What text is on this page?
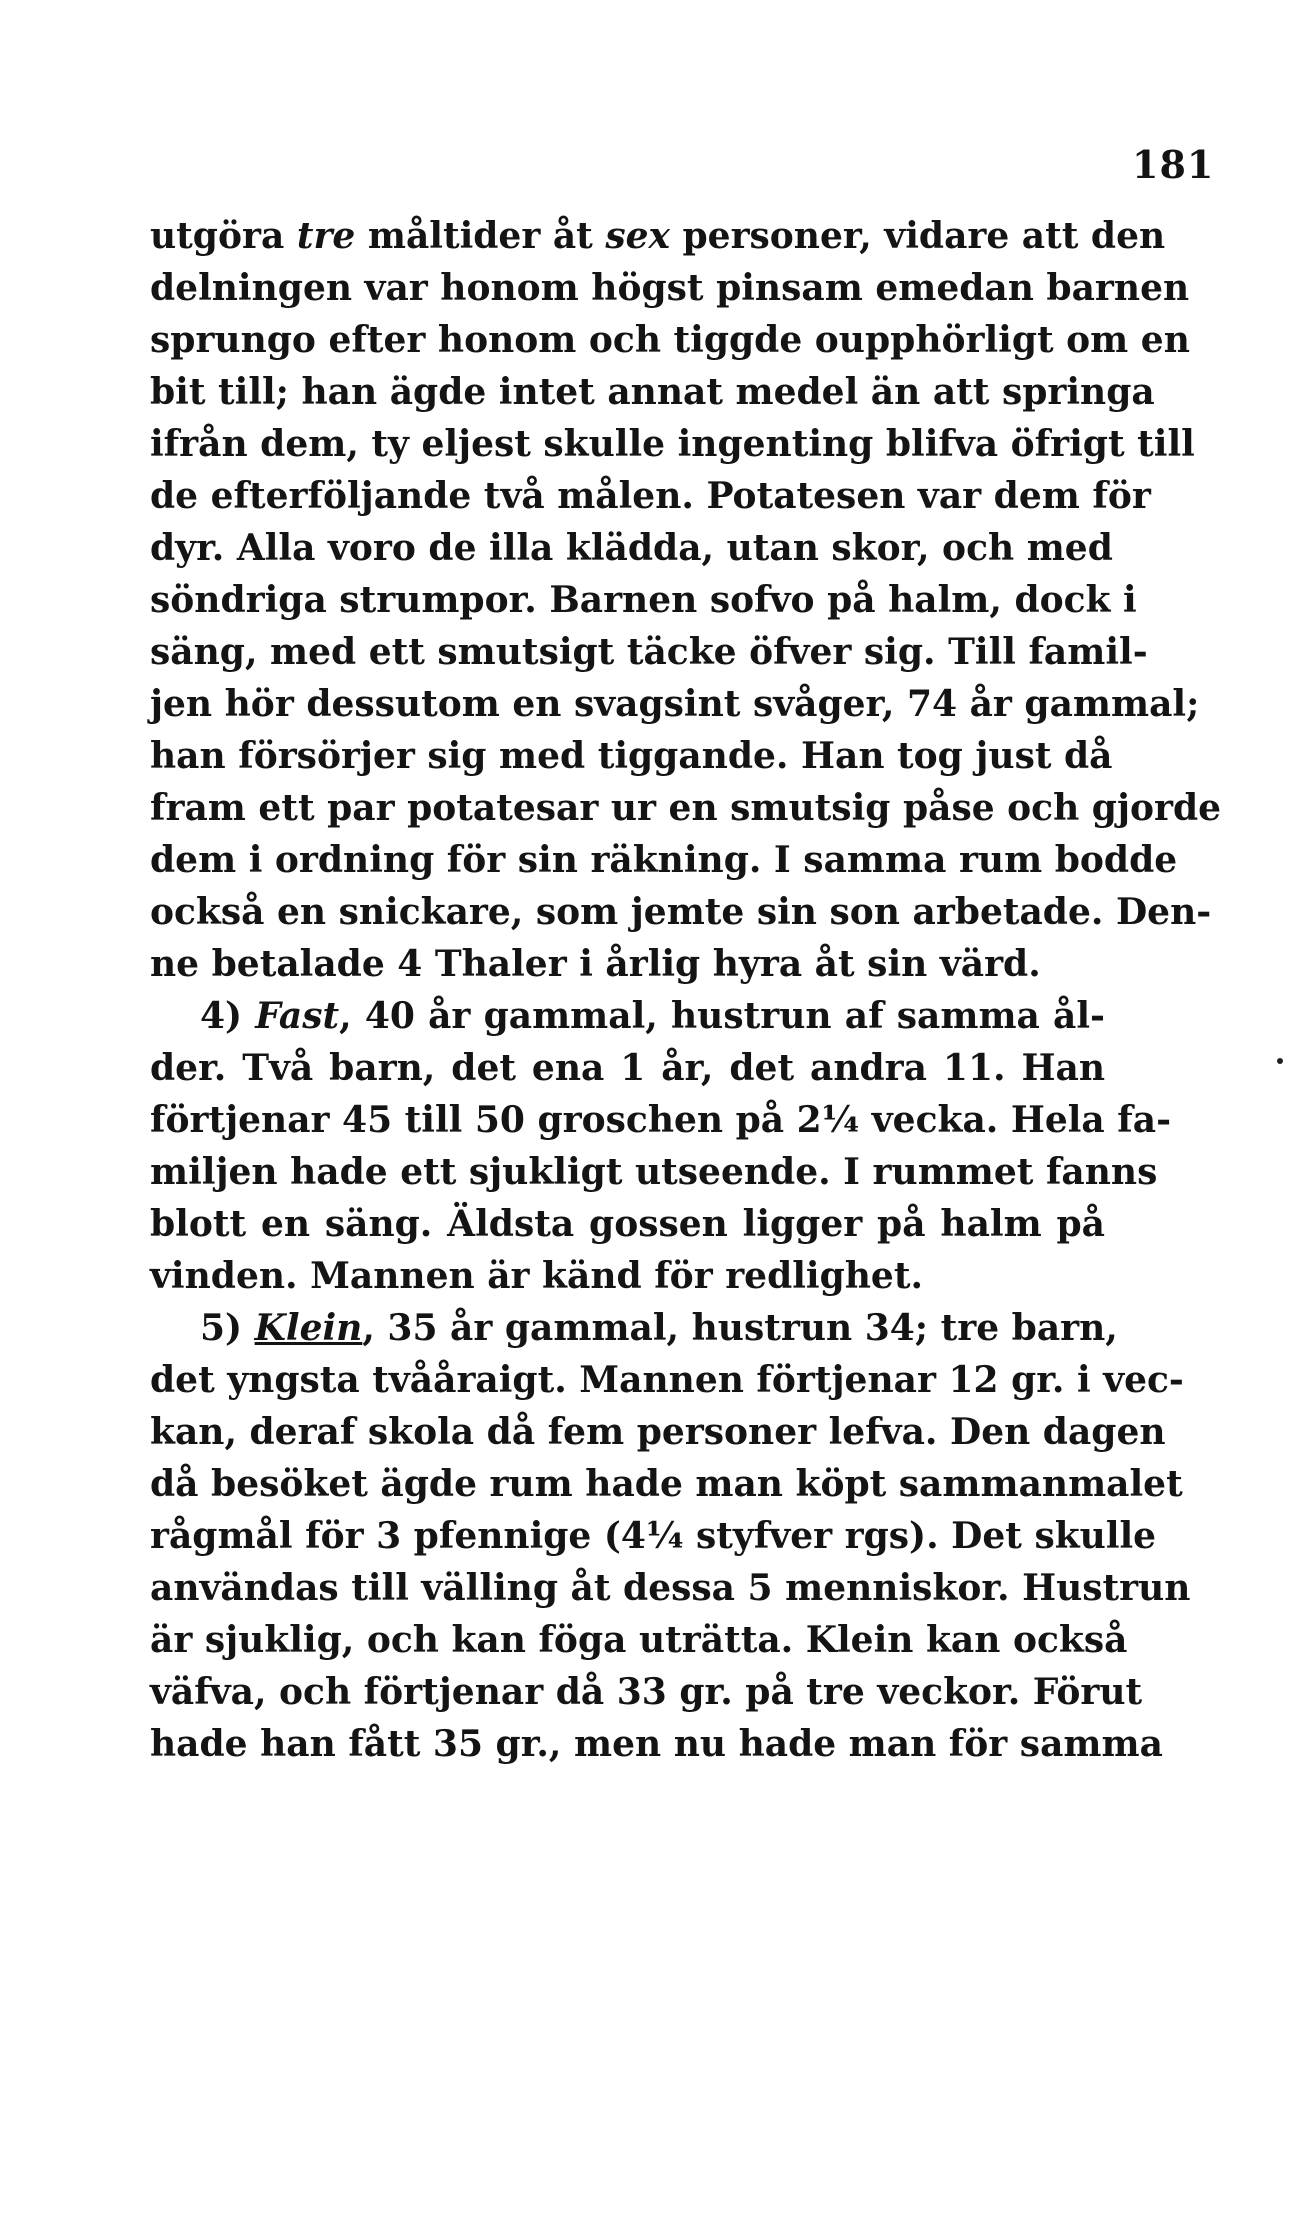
181
utgöra tre måltider åt sex personer, vidare att den
delningen var honom högst pinsam emedan barnen
sprungo efter honom och tiggde oupphörligt om en
bit till; han ägde intet annat medel än att springa
ifrån dem, ty eljest skulle ingenting blifva öfrigt till
de efterföljande två målen. Potatesen var dem för
dyr. Alla voro de illa klädda, utan skor, och med
söndriga strumpor. Barnen sofvo på halm, dock i
säng, med ett smutsigt täcke öfver sig. Till famil-
jen hör dessutom en svagsint svåger, 74 år gammal;
han försörjer sig med tiggande. Han tog just då
fram ett par potatesar ur en smutsig påse och gjorde
dem i ordning för sin räkning. I samma rum bodde
också en snickare, som jemte sin son arbetade. Den-
ne betalade 4 Thaler i årlig hyra åt sin värd.
4) Fast, 40 år gammal, hustrun af samma ål-
der. Två barn, det ena 1 år, det andra 11. Han
förtjenar 45 till 50 groschen på 2¼ vecka. Hela fa-
miljen hade ett sjukligt utseende. I rummet fanns
blott en säng. Äldsta gossen ligger på halm på
vinden. Mannen är känd för redlighet.
5) Klein, 35 år gammal, hustrun 34; tre barn,
det yngsta tvååraigt. Mannen förtjenar 12 gr. i vec-
kan, deraf skola då fem personer lefva. Den dagen
då besöket ägde rum hade man köpt sammanmalet
rågmål för 3 pfennige (4¼ styfver rgs). Det skulle
användas till välling åt dessa 5 menniskor. Hustrun
är sjuklig, och kan föga uträtta. Klein kan också
väfva, och förtjenar då 33 gr. på tre veckor. Förut
hade han fått 35 gr., men nu hade man för samma
